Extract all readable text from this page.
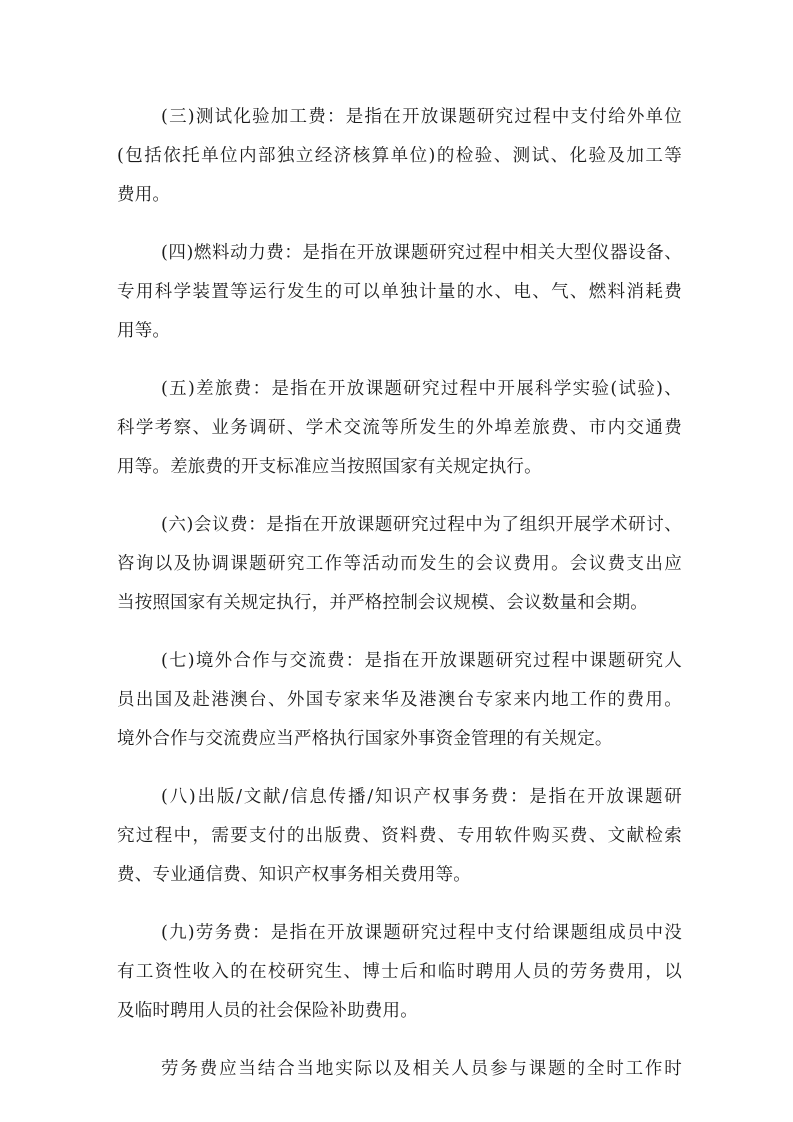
(三)测试化验加工费：是指在开放课题研究过程中支付给外单位
(包括依托单位内部独立经济核算单位)的检验、测试、化验及加工等
费用。
(四)燃料动力费：是指在开放课题研究过程中相关大型仪器设备、
专用科学装置等运行发生的可以单独计量的水、电、气、燃料消耗费
用等。
(五)差旅费：是指在开放课题研究过程中开展科学实验(试验)、
科学考察、业务调研、学术交流等所发生的外埠差旅费、市内交通费
用等。差旅费的开支标准应当按照国家有关规定执行。
(六)会议费：是指在开放课题研究过程中为了组织开展学术研讨、
咨询以及协调课题研究工作等活动而发生的会议费用。会议费支出应
当按照国家有关规定执行，并严格控制会议规模、会议数量和会期。
(七)境外合作与交流费：是指在开放课题研究过程中课题研究人
员出国及赴港澳台、外国专家来华及港澳台专家来内地工作的费用。
境外合作与交流费应当严格执行国家外事资金管理的有关规定。
(八)出版/文献/信息传播/知识产权事务费：是指在开放课题研
究过程中，需要支付的出版费、资料费、专用软件购买费、文献检索
费、专业通信费、知识产权事务相关费用等。
(九)劳务费：是指在开放课题研究过程中支付给课题组成员中没
有工资性收入的在校研究生、博士后和临时聘用人员的劳务费用，以
及临时聘用人员的社会保险补助费用。
劳务费应当结合当地实际以及相关人员参与课题的全时工作时
